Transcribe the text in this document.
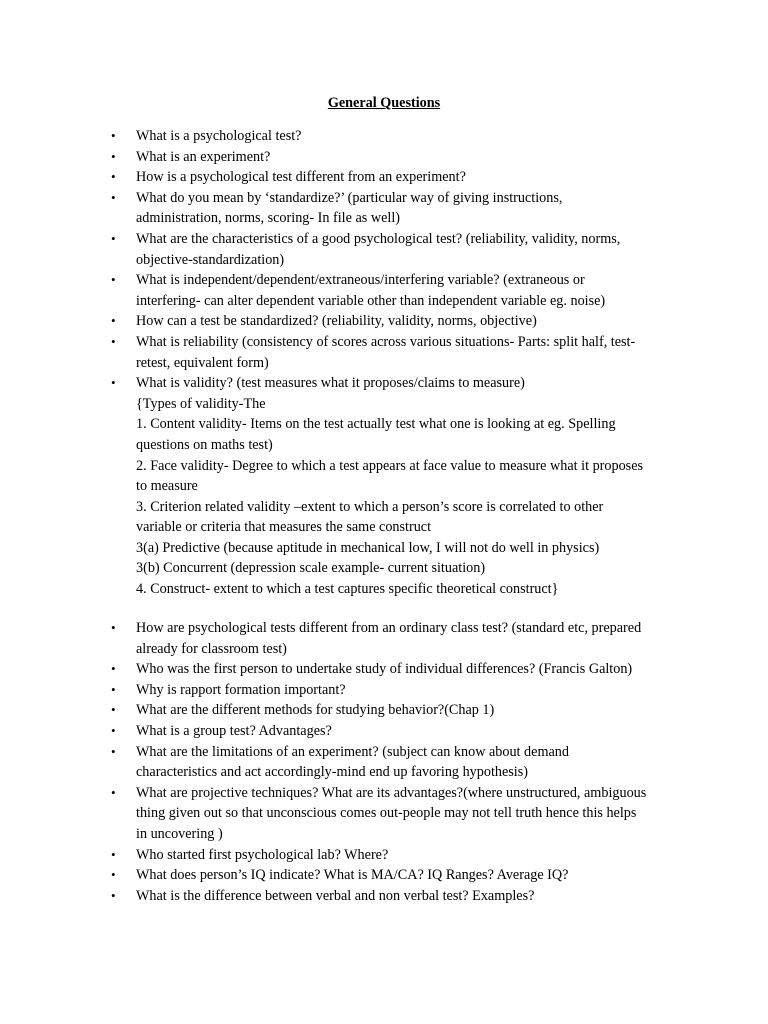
General Questions
• What is a psychological test?
• What is an experiment?
• How is a psychological test different from an experiment?
• What do you mean by ‘standardize?’ (particular way of giving instructions,
administration, norms, scoring- In file as well)
• What are the characteristics of a good psychological test? (reliability, validity, norms,
objective-standardization)
• What is independent/dependent/extraneous/interfering variable? (extraneous or
interfering- can alter dependent variable other than independent variable eg. noise)
• How can a test be standardized? (reliability, validity, norms, objective)
• What is reliability (consistency of scores across various situations- Parts: split half, test-
retest, equivalent form)
• What is validity? (test measures what it proposes/claims to measure)
{Types of validity-The
1. Content validity- Items on the test actually test what one is looking at eg. Spelling
questions on maths test)
2. Face validity- Degree to which a test appears at face value to measure what it proposes
to measure
3. Criterion related validity –extent to which a person’s score is correlated to other
variable or criteria that measures the same construct
3(a) Predictive (because aptitude in mechanical low, I will not do well in physics)
3(b) Concurrent (depression scale example- current situation)
4. Construct- extent to which a test captures specific theoretical construct}
• How are psychological tests different from an ordinary class test? (standard etc, prepared
already for classroom test)
• Who was the first person to undertake study of individual differences? (Francis Galton)
• Why is rapport formation important?
• What are the different methods for studying behavior?(Chap 1)
• What is a group test? Advantages?
• What are the limitations of an experiment? (subject can know about demand
characteristics and act accordingly-mind end up favoring hypothesis)
• What are projective techniques? What are its advantages?(where unstructured, ambiguous
thing given out so that unconscious comes out-people may not tell truth hence this helps
in uncovering )
• Who started first psychological lab? Where?
• What does person’s IQ indicate? What is MA/CA? IQ Ranges? Average IQ?
• What is the difference between verbal and non verbal test? Examples?
